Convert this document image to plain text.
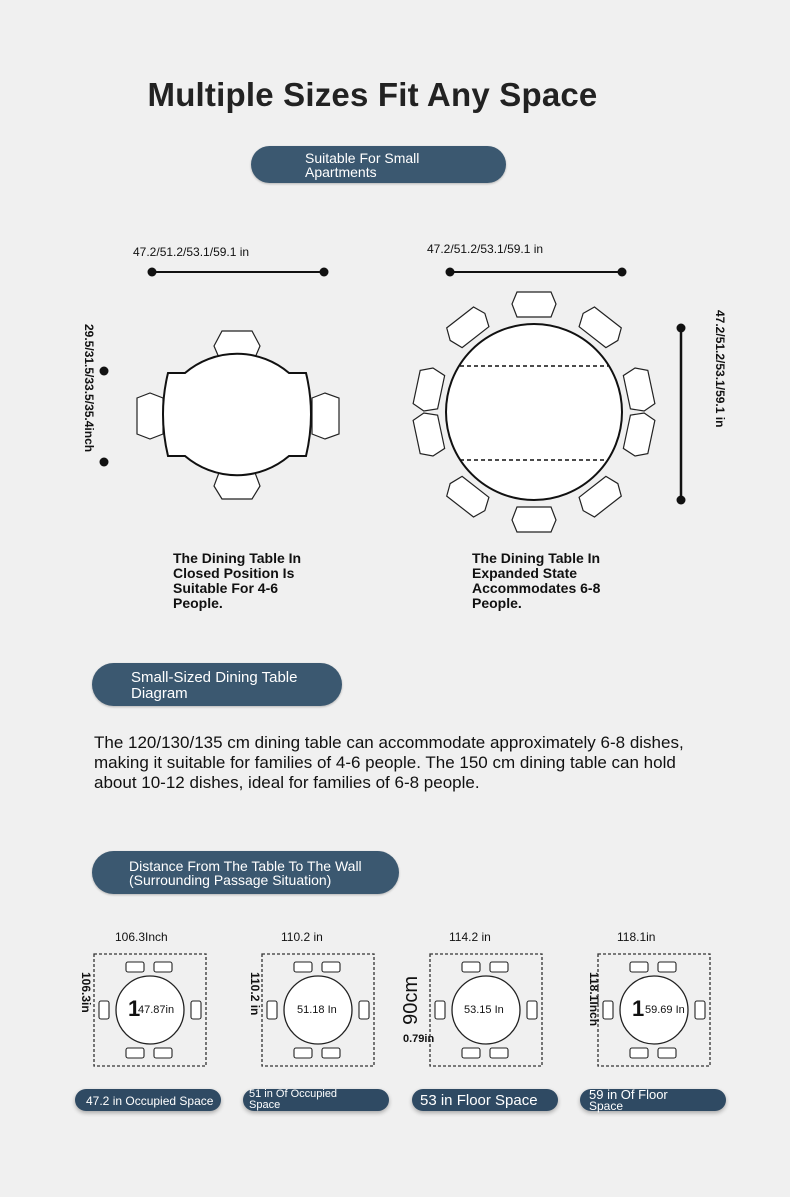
Multiple Sizes Fit Any Space
Suitable For Small
Apartments
47.2/51.2/53.1/59.1 in
29.5/31.5/33.5/35.4inch
47.2/51.2/53.1/59.1 in
47.2/51.2/53.1/59.1 in
The Dining Table In
Closed Position Is
Suitable For 4-6
People.
The Dining Table In
Expanded State
Accommodates 6-8
People.
Small-Sized Dining Table
Diagram
The 120/130/135 cm dining table can accommodate approximately 6-8 dishes, making it suitable for families of 4-6 people. The 150 cm dining table can hold about 10-12 dishes, ideal for families of 6-8 people.
Distance From The Table To The Wall
(Surrounding Passage Situation)
106.3Inch
106.3in 1
47.87in
47.2 in Occupied Space
110.2 in
110.2 in	51.18 In
51 in Of Occupied
Space
114.2 in
90cm
0.79in
53.15 In
53 in Floor Space
118.1in
118.1Inch 1 59.69 In
59 in Of Floor
Space
